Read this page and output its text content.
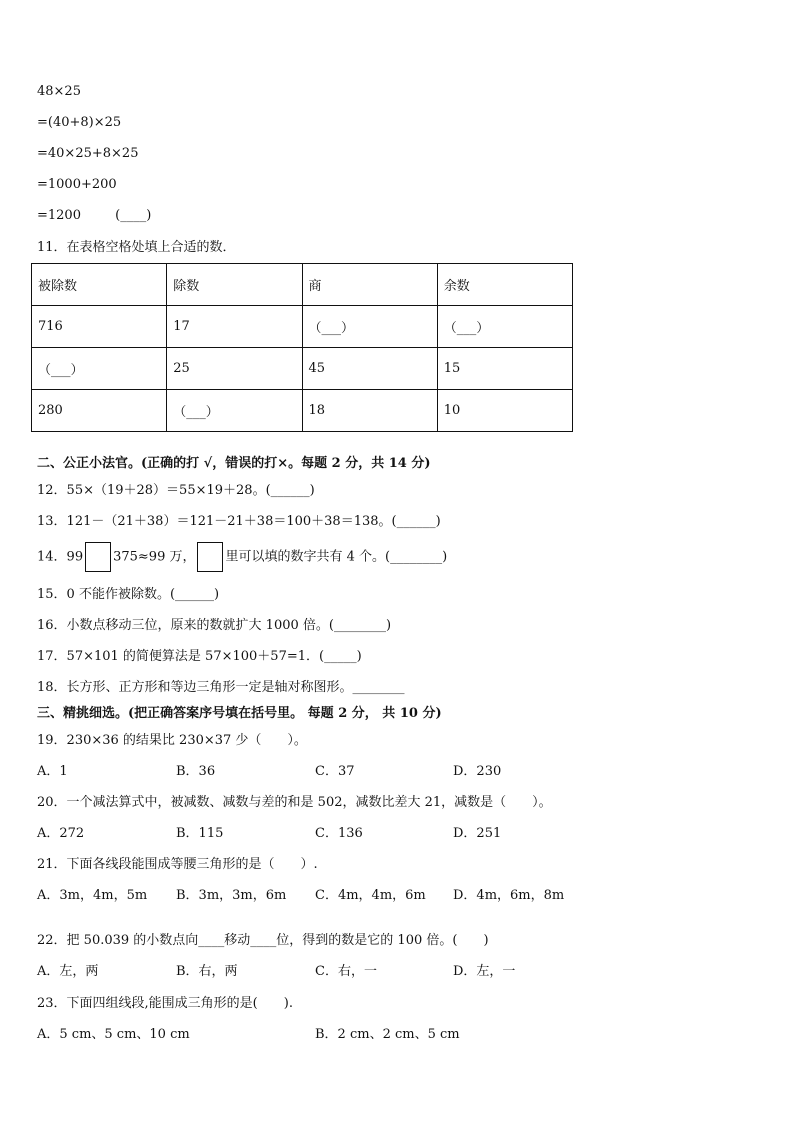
48×25
=(40+8)×25
=40×25+8×25
=1000+200
=1200	(____)
11．在表格空格处填上合适的数．
被除数	除数	商	余数
716	17	（___）	（___）
（___）	25	45	15
280	（___）	18	10
二、公正小法官。(正确的打 √，错误的打×。每题 2 分，共 14 分)
12．55×（19＋28）＝55×19＋28。(______)
13．121－（21＋38）＝121－21＋38＝100＋38＝138。(______)
14．99 375≈99 万， 里可以填的数字共有 4 个。(________)
15．0 不能作被除数。(______)
16．小数点移动三位，原来的数就扩大 1000 倍。(________)
17．57×101 的简便算法是 57×100＋57=1．(_____)
18．长方形、正方形和等边三角形一定是轴对称图形。________
三、精挑细选。(把正确答案序号填在括号里。 每题 2 分， 共 10 分)
19．230×36 的结果比 230×37 少（　　）。
A．1	B．36	C．37	D．230
20．一个减法算式中，被减数、减数与差的和是 502，减数比差大 21，减数是（　　）。
A．272	B．115	C．136	D．251
21．下面各线段能围成等腰三角形的是（　　）.
A．3m，4m，5m B．3m，3m，6m C．4m，4m，6m D．4m，6m，8m
22．把 50.039 的小数点向____移动____位，得到的数是它的 100 倍。(　　)
A．左，两	B．右，两	C．右，一	D．左，一
23．下面四组线段,能围成三角形的是(　　).
A．5 cm、5 cm、10 cm	B．2 cm、2 cm、5 cm
